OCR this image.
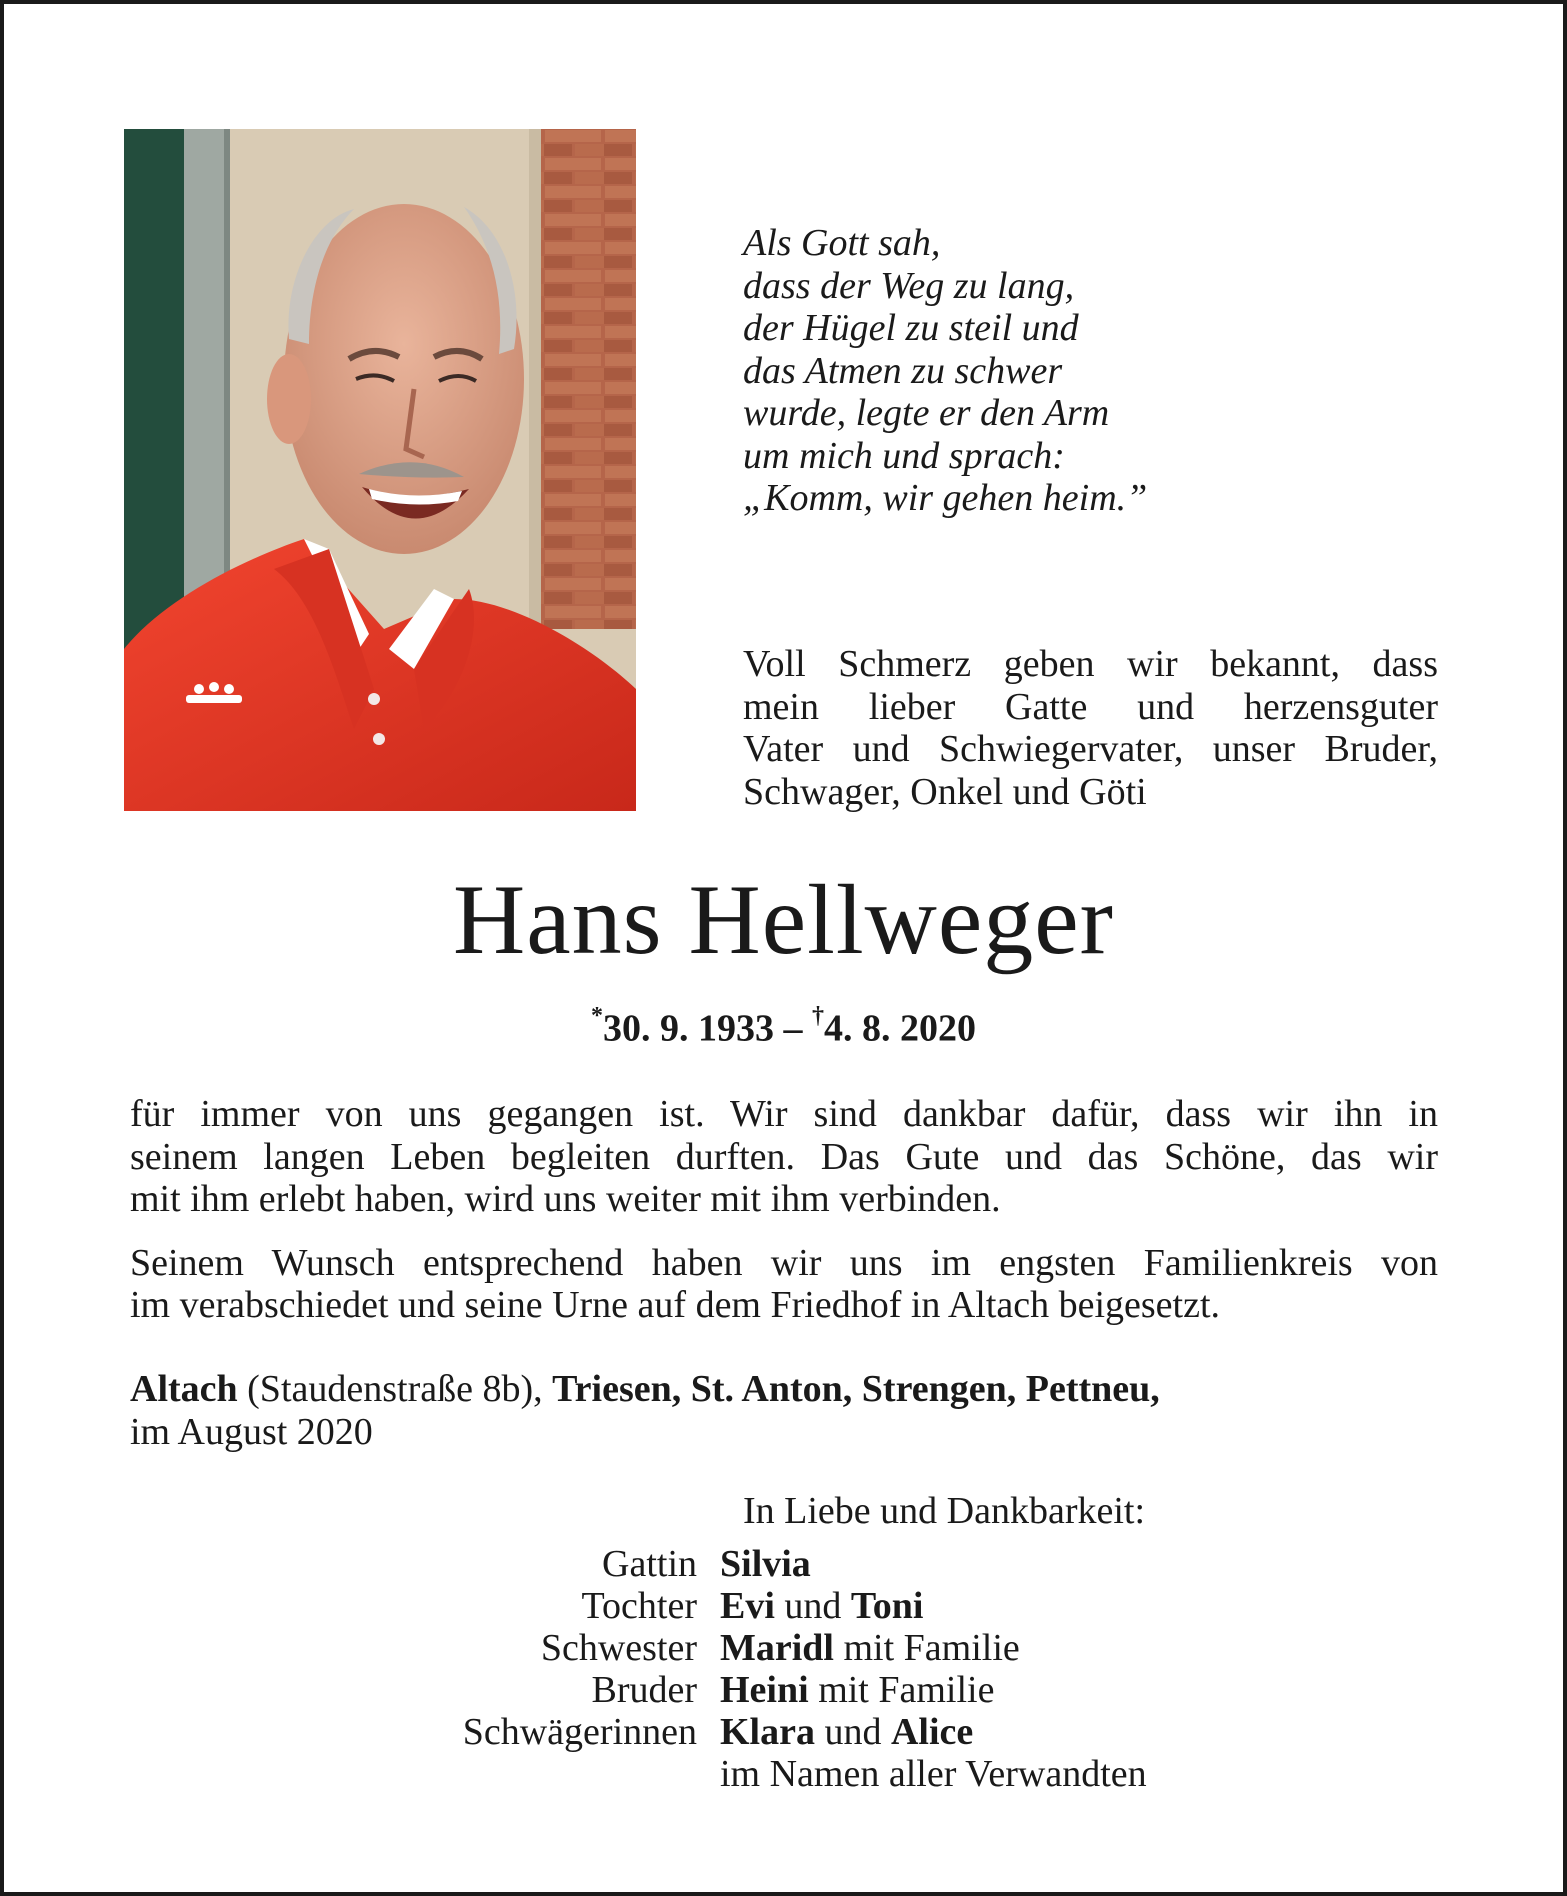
Als Gott sah,
dass der Weg zu lang,
der Hügel zu steil und
das Atmen zu schwer
wurde, legte er den Arm
um mich und sprach:
„Komm, wir gehen heim.”
Voll Schmerz geben wir bekannt, dass
mein lieber Gatte und herzensguter
Vater und Schwiegervater, unser Bruder,
Schwager, Onkel und Göti
Hans Hellweger
*30. 9. 1933 – †4. 8. 2020

für immer von uns gegangen ist. Wir sind dankbar dafür, dass wir ihn in
seinem langen Leben begleiten durften. Das Gute und das Schöne, das wir
mit ihm erlebt haben, wird uns weiter mit ihm verbinden.

Seinem Wunsch entsprechend haben wir uns im engsten Familienkreis von
im verabschiedet und seine Urne auf dem Friedhof in Altach beigesetzt.

Altach (Staudenstraße 8b), Triesen, St. Anton, Strengen, Pettneu,
im August 2020
In Liebe und Dankbarkeit:
Gattin Silvia
Tochter Evi und Toni
Schwester Maridl mit Familie
Bruder Heini mit Familie
Schwägerinnen Klara und Alice
im Namen aller Verwandten
